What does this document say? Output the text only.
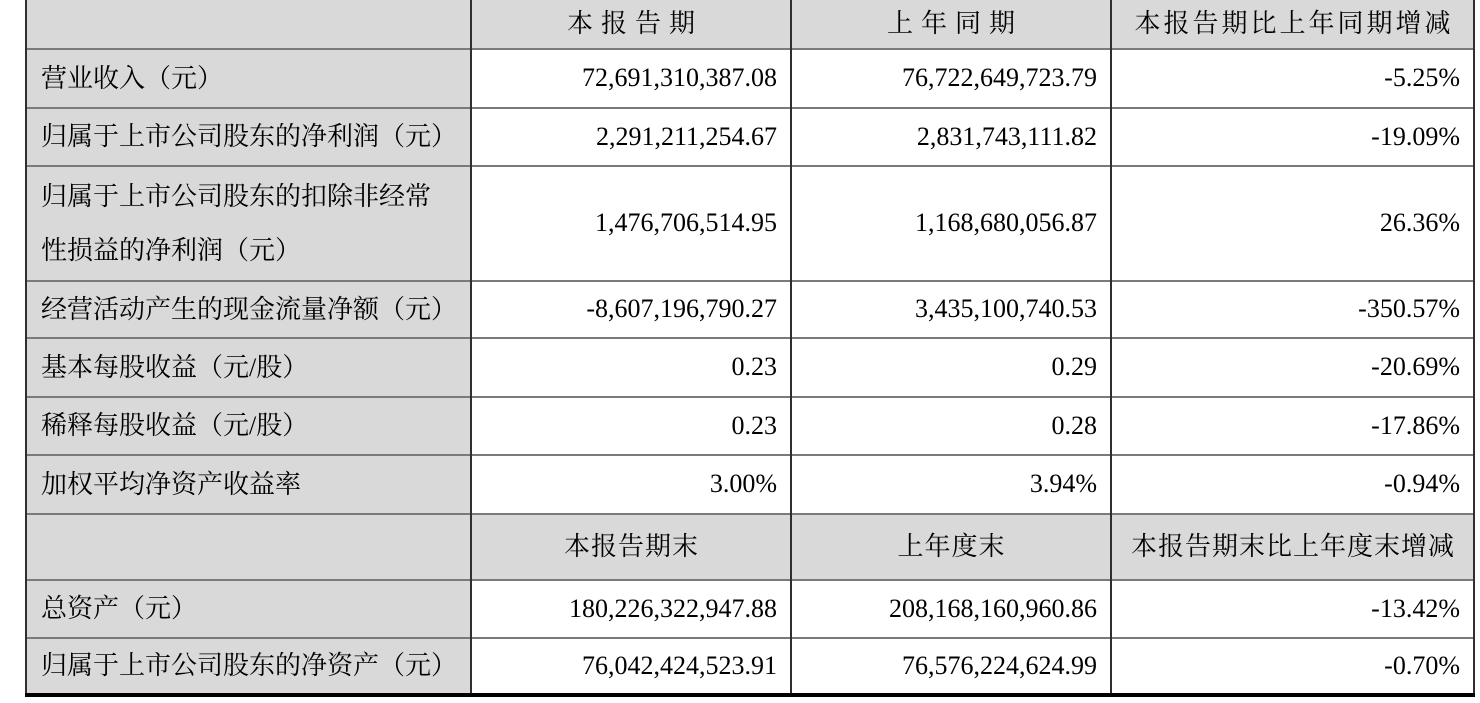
	本报告期	上年同期	本报告期比上年同期增减
营业收入（元）	72,691,310,387.08	76,722,649,723.79	-5.25%
归属于上市公司股东的净利润（元）	2,291,211,254.67	2,831,743,111.82	-19.09%
归属于上市公司股东的扣除非经常
性损益的净利润（元）	1,476,706,514.95	1,168,680,056.87	26.36%
经营活动产生的现金流量净额（元）	-8,607,196,790.27	3,435,100,740.53	-350.57%
基本每股收益（元/股）	0.23	0.29	-20.69%
稀释每股收益（元/股）	0.23	0.28	-17.86%
加权平均净资产收益率	3.00%	3.94%	-0.94%
	本报告期末	上年度末	本报告期末比上年度末增减
总资产（元）	180,226,322,947.88	208,168,160,960.86	-13.42%
归属于上市公司股东的净资产（元）	76,042,424,523.91	76,576,224,624.99	-0.70%
